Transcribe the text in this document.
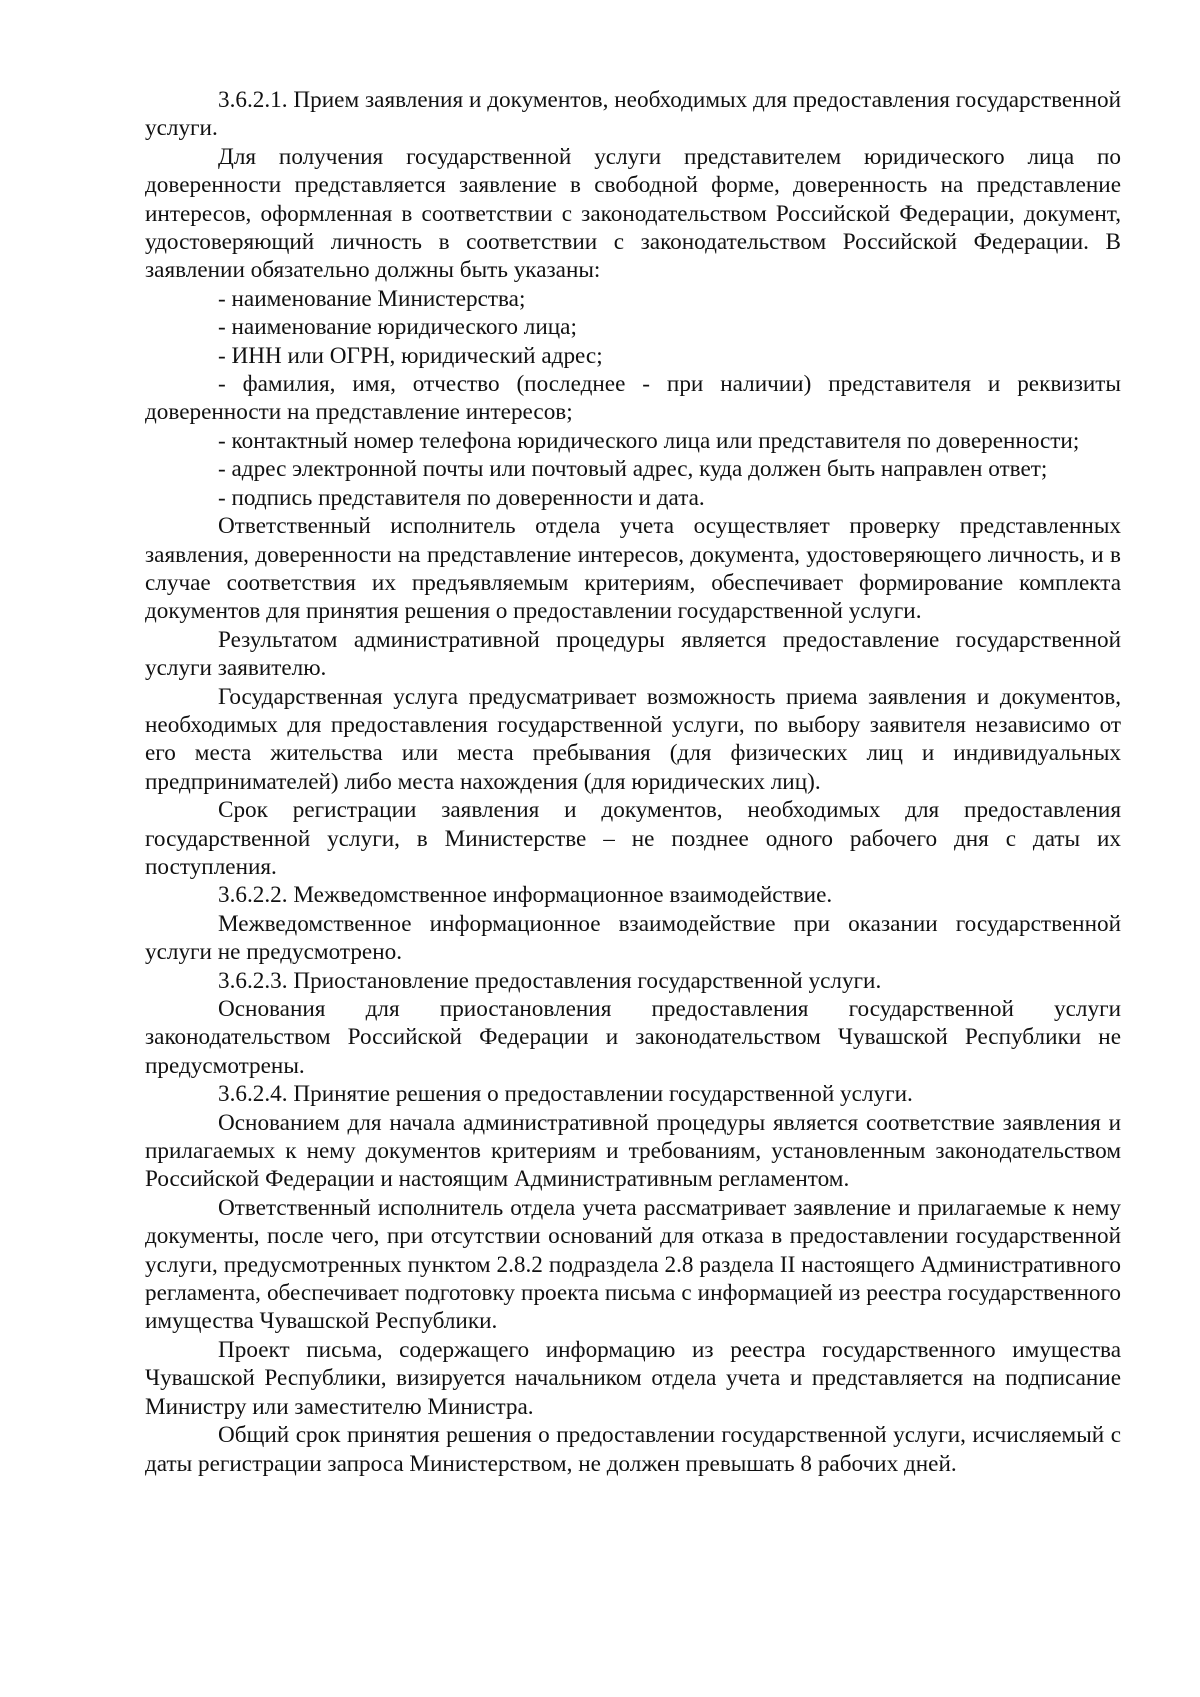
3.6.2.1. Прием заявления и документов, необходимых для предоставления государственной услуги.

Для получения государственной услуги представителем юридического лица по доверенности представляется заявление в свободной форме, доверенность на представление интересов, оформленная в соответствии с законодательством Российской Федерации, документ, удостоверяющий личность в соответствии с законодательством Российской Федерации. В заявлении обязательно должны быть указаны:

- наименование Министерства;

- наименование юридического лица;

- ИНН или ОГРН, юридический адрес;

- фамилия, имя, отчество (последнее - при наличии) представителя и реквизиты доверенности на представление интересов;

- контактный номер телефона юридического лица или представителя по доверенности;

- адрес электронной почты или почтовый адрес, куда должен быть направлен ответ;

- подпись представителя по доверенности и дата.

Ответственный исполнитель отдела учета осуществляет проверку представленных заявления, доверенности на представление интересов, документа, удостоверяющего личность, и в случае соответствия их предъявляемым критериям, обеспечивает формирование комплекта документов для принятия решения о предоставлении государственной услуги.

Результатом административной процедуры является предоставление государственной услуги заявителю.

Государственная услуга предусматривает возможность приема заявления и документов, необходимых для предоставления государственной услуги, по выбору заявителя независимо от его места жительства или места пребывания (для физических лиц и индивидуальных предпринимателей) либо места нахождения (для юридических лиц).

Срок регистрации заявления и документов, необходимых для предоставления государственной услуги, в Министерстве – не позднее одного рабочего дня с даты их поступления.

3.6.2.2. Межведомственное информационное взаимодействие.

Межведомственное информационное взаимодействие при оказании государственной услуги не предусмотрено.

3.6.2.3. Приостановление предоставления государственной услуги.

Основания для приостановления предоставления государственной услуги законодательством Российской Федерации и законодательством Чувашской Республики не предусмотрены.

3.6.2.4. Принятие решения о предоставлении государственной услуги.

Основанием для начала административной процедуры является соответствие заявления и прилагаемых к нему документов критериям и требованиям, установленным законодательством Российской Федерации и настоящим Административным регламентом.

Ответственный исполнитель отдела учета рассматривает заявление и прилагаемые к нему документы, после чего, при отсутствии оснований для отказа в предоставлении государственной услуги, предусмотренных пунктом 2.8.2 подраздела 2.8 раздела II настоящего Административного регламента, обеспечивает подготовку проекта письма с информацией из реестра государственного имущества Чувашской Республики.

Проект письма, содержащего информацию из реестра государственного имущества Чувашской Республики, визируется начальником отдела учета и представляется на подписание Министру или заместителю Министра.

Общий срок принятия решения о предоставлении государственной услуги, исчисляемый с даты регистрации запроса Министерством, не должен превышать 8 рабочих дней.
